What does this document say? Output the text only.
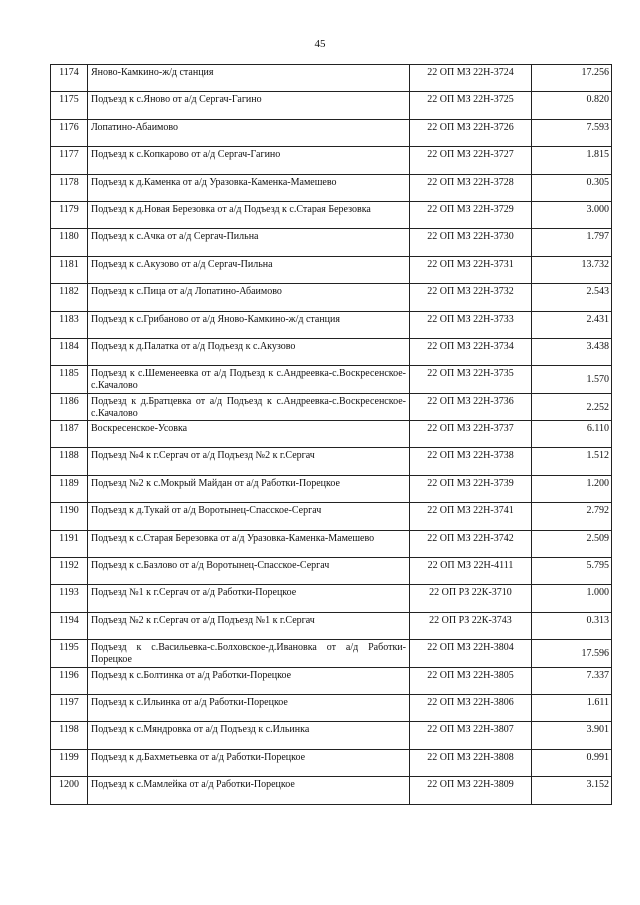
45
1174	Яново-Камкино-ж/д станция	22 ОП МЗ 22Н-3724	17.256
1175	Подъезд к с.Яново от а/д Сергач-Гагино	22 ОП МЗ 22Н-3725	0.820
1176	Лопатино-Абаимово	22 ОП МЗ 22Н-3726	7.593
1177	Подъезд к с.Копкарово от а/д Сергач-Гагино	22 ОП МЗ 22Н-3727	1.815
1178	Подъезд к д.Каменка от а/д Уразовка-Каменка-Мамешево	22 ОП МЗ 22Н-3728	0.305
1179	Подъезд к д.Новая Березовка от а/д Подъезд к с.Старая Березовка	22 ОП МЗ 22Н-3729	3.000
1180	Подъезд к с.Ачка от а/д Сергач-Пильна	22 ОП МЗ 22Н-3730	1.797
1181	Подъезд к с.Акузово от а/д Сергач-Пильна	22 ОП МЗ 22Н-3731	13.732
1182	Подъезд к с.Пица от а/д Лопатино-Абаимово	22 ОП МЗ 22Н-3732	2.543
1183	Подъезд к с.Грибаново от а/д Яново-Камкино-ж/д станция	22 ОП МЗ 22Н-3733	2.431
1184	Подъезд к д.Палатка от а/д Подъезд к с.Акузово	22 ОП МЗ 22Н-3734	3.438
1185	Подъезд к с.Шеменеевка от а/д Подъезд к с.Андреевка-с.Воскресенское-с.Качалово	22 ОП МЗ 22Н-3735	1.570
1186	Подъезд к д.Братцевка от а/д Подъезд к с.Андреевка-с.Воскресенское-с.Качалово	22 ОП МЗ 22Н-3736	2.252
1187	Воскресенское-Усовка	22 ОП МЗ 22Н-3737	6.110
1188	Подъезд №4 к г.Сергач от а/д Подъезд №2 к г.Сергач	22 ОП МЗ 22Н-3738	1.512
1189	Подъезд №2 к с.Мокрый Майдан от а/д Работки-Порецкое	22 ОП МЗ 22Н-3739	1.200
1190	Подъезд к д.Тукай от а/д Воротынец-Спасское-Сергач	22 ОП МЗ 22Н-3741	2.792
1191	Подъезд к с.Старая Березовка от а/д Уразовка-Каменка-Мамешево	22 ОП МЗ 22Н-3742	2.509
1192	Подъезд к с.Базлово от а/д Воротынец-Спасское-Сергач	22 ОП МЗ 22Н-4111	5.795
1193	Подъезд №1 к г.Сергач от а/д Работки-Порецкое	22 ОП РЗ 22К-3710	1.000
1194	Подъезд №2 к г.Сергач от а/д Подъезд №1 к г.Сергач	22 ОП РЗ 22К-3743	0.313
1195	Подъезд к с.Васильевка-с.Болховское-д.Ивановка от а/д Работки-Порецкое	22 ОП МЗ 22Н-3804	17.596
1196	Подъезд к с.Болтинка от а/д Работки-Порецкое	22 ОП МЗ 22Н-3805	7.337
1197	Подъезд к с.Ильинка от а/д Работки-Порецкое	22 ОП МЗ 22Н-3806	1.611
1198	Подъезд к с.Мяндровка от а/д Подъезд к с.Ильинка	22 ОП МЗ 22Н-3807	3.901
1199	Подъезд к д.Бахметьевка от а/д Работки-Порецкое	22 ОП МЗ 22Н-3808	0.991
1200	Подъезд к с.Мамлейка от а/д Работки-Порецкое	22 ОП МЗ 22Н-3809	3.152
